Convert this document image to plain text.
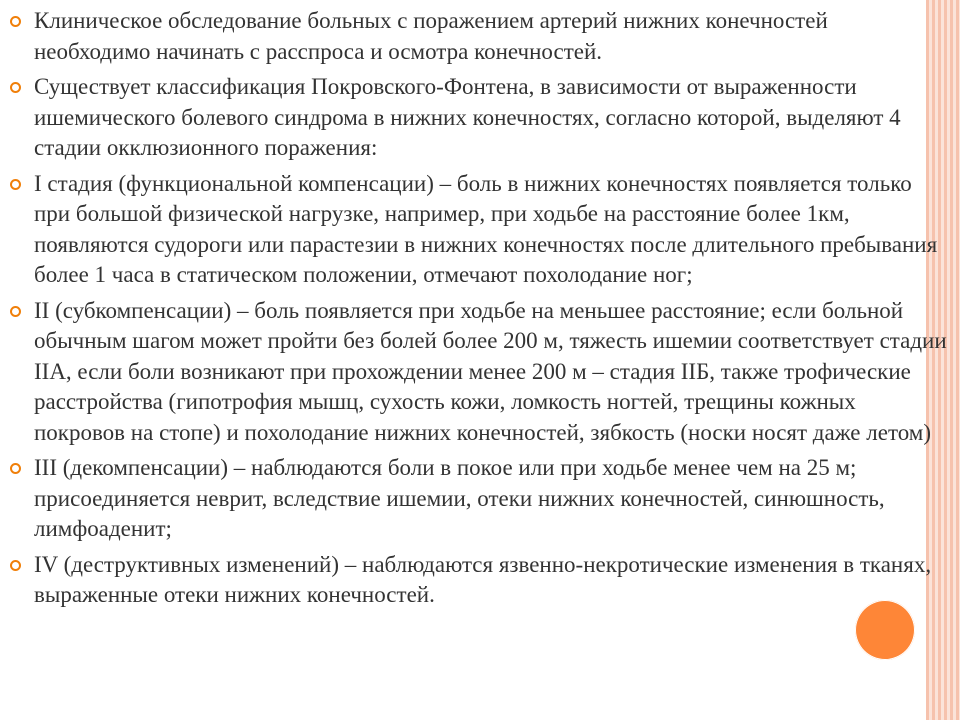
Клиническое обследование больных с поражением артерий нижних конечностей необходимо начинать с расспроса и осмотра конечностей.
Существует классификация Покровского-Фонтена, в зависимости от выраженности ишемического болевого синдрома в нижних конечностях, согласно которой, выделяют 4 стадии окклюзионного поражения:
I стадия (функциональной компенсации) – боль в нижних конечностях появляется только при большой физической нагрузке, например, при ходьбе на расстояние более 1км, появляются судороги или парастезии в нижних конечностях после длительного пребывания более 1 часа в статическом положении, отмечают похолодание ног;
II (субкомпенсации) – боль появляется при ходьбе на меньшее расстояние; если больной обычным шагом может пройти без болей более 200 м, тяжесть ишемии соответствует стадии IIА, если боли возникают при прохождении менее 200 м – стадия IIБ, также трофические расстройства (гипотрофия мышц, сухость кожи, ломкость ногтей, трещины кожных покровов на стопе) и похолодание нижних конечностей, зябкость (носки носят даже летом)
III (декомпенсации) – наблюдаются боли в покое или при ходьбе менее чем на 25 м; присоединяется неврит, вследствие ишемии, отеки нижних конечностей, синюшность, лимфоаденит;
IV (деструктивных изменений) – наблюдаются язвенно-некротические изменения в тканях, выраженные отеки нижних конечностей.
